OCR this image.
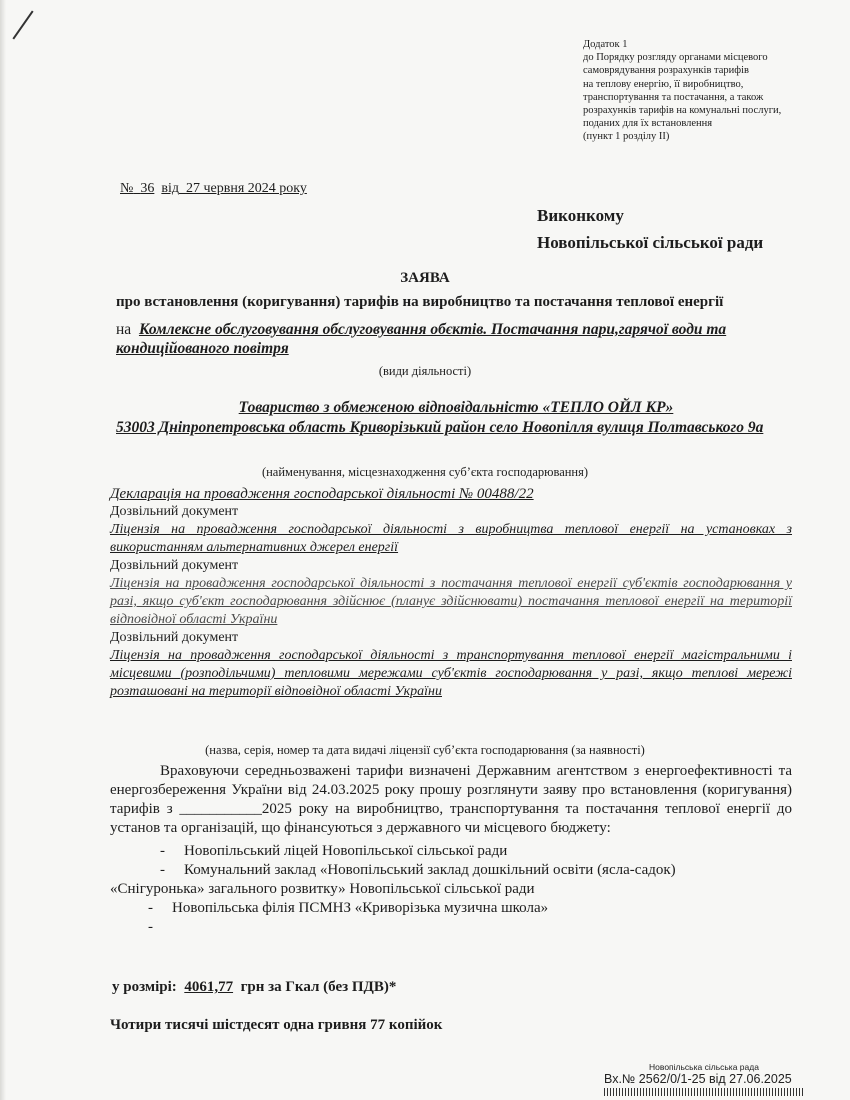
Додаток 1
до Порядку розгляду органами місцевого
самоврядування розрахунків тарифів
на теплову енергію, її виробництво,
транспортування та постачання, а також
розрахунків тарифів на комунальні послуги,
поданих для їх встановлення
(пункт 1 розділу ІІ)
№ 36 від 27 червня 2024 року
Виконкому
Новопільської сільської ради
ЗАЯВА
про встановлення (коригування) тарифів на виробництво та постачання теплової енергії
на Комлексне обслуговування обслуговування обєктів. Постачання пари,гарячої води та кондиційованого повітря
(види діяльності)
Товариство з обмеженою відповідальністю «ТЕПЛО ОЙЛ КР»
53003 Дніпропетровська область Криворізький район село Новопілля вулиця Полтавського 9а
(найменування, місцезнаходження суб’єкта господарювання)
Декларація на провадження господарської діяльності № 00488/22
Дозвільний документ
Ліцензія на провадження господарської діяльності з виробництва теплової енергії на установках з використанням альтернативних джерел енергії
Дозвільний документ
Ліцензія на провадження господарської діяльності з постачання теплової енергії суб'єктів господарювання у разі, якщо суб'єкт господарювання здійснює (планує здійснювати) постачання теплової енергії на території відповідної області України
Дозвільний документ
Ліцензія на провадження господарської діяльності з транспортування теплової енергії магістральними і місцевими (розподільчими) тепловими мережами суб'єктів господарювання у разі, якщо теплові мережі розташовані на території відповідної області України
(назва, серія, номер та дата видачі ліцензії суб’єкта господарювання (за наявності)

Враховуючи середньозважені тарифи визначені Державним агентством з енергоефективності та енергозбереження України від 24.03.2025 року прошу розглянути заяву про встановлення (коригування) тарифів з ___________2025 року на виробництво, транспортування та постачання теплової енергії до установ та організацій, що фінансуються з державного чи місцевого бюджету:

- Новопільський ліцей Новопільської сільської ради
- Комунальний заклад «Новопільський заклад дошкільний освіти (ясла-садок)
«Снігуронька» загального розвитку» Новопільської сільської ради
- Новопільська філія ПСМНЗ «Криворізька музична школа»
-
у розмірі: 4061,77 грн за Гкал (без ПДВ)*
Чотири тисячі шістдесят одна гривня 77 копійок
Новопільська сільська рада
Вх.№ 2562/0/1-25 від 27.06.2025
